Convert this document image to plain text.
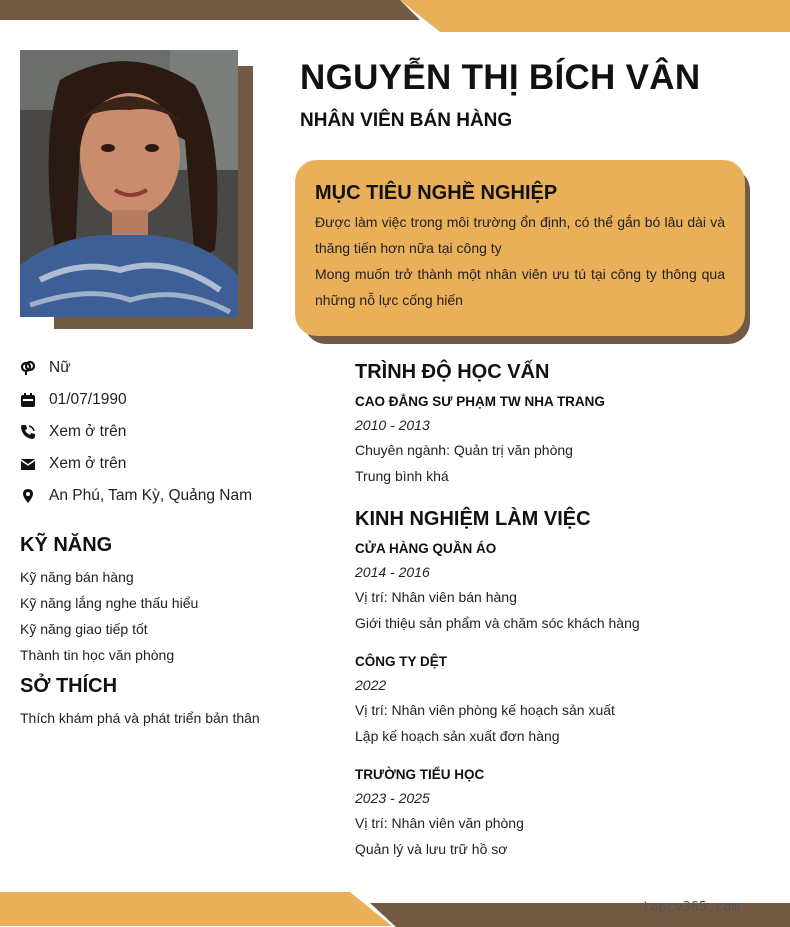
NGUYỄN THỊ BÍCH VÂN
NHÂN VIÊN BÁN HÀNG
MỤC TIÊU NGHỀ NGHIỆP
Được làm việc trong môi trường ổn định, có thể gắn bó lâu dài và thăng tiến hơn nữa tại công ty
Mong muốn trở thành một nhân viên ưu tú tại công ty thông qua những nỗ lực cống hiến
Nữ
01/07/1990
Xem ở trên
Xem ở trên
An Phú, Tam Kỳ, Quảng Nam
KỸ NĂNG
Kỹ năng bán hàng
Kỹ năng lắng nghe thấu hiểu
Kỹ năng giao tiếp tốt
Thành tin học văn phòng
SỞ THÍCH
Thích khám phá và phát triển bản thân
TRÌNH ĐỘ HỌC VẤN
CAO ĐẲNG SƯ PHẠM TW NHA TRANG
2010 - 2013
Chuyên ngành: Quản trị văn phòng
Trung bình khá
KINH NGHIỆM LÀM VIỆC
CỬA HÀNG QUẦN ÁO
2014 - 2016
Vị trí: Nhân viên bán hàng
Giới thiệu sản phẩm và chăm sóc khách hàng
CÔNG TY DỆT
2022
Vị trí: Nhân viên phòng kế hoạch sản xuất
Lập kế hoạch sản xuất đơn hàng
TRƯỜNG TIỂU HỌC
2023 - 2025
Vị trí: Nhân viên văn phòng
Quản lý và lưu trữ hồ sơ
topcv365.com
